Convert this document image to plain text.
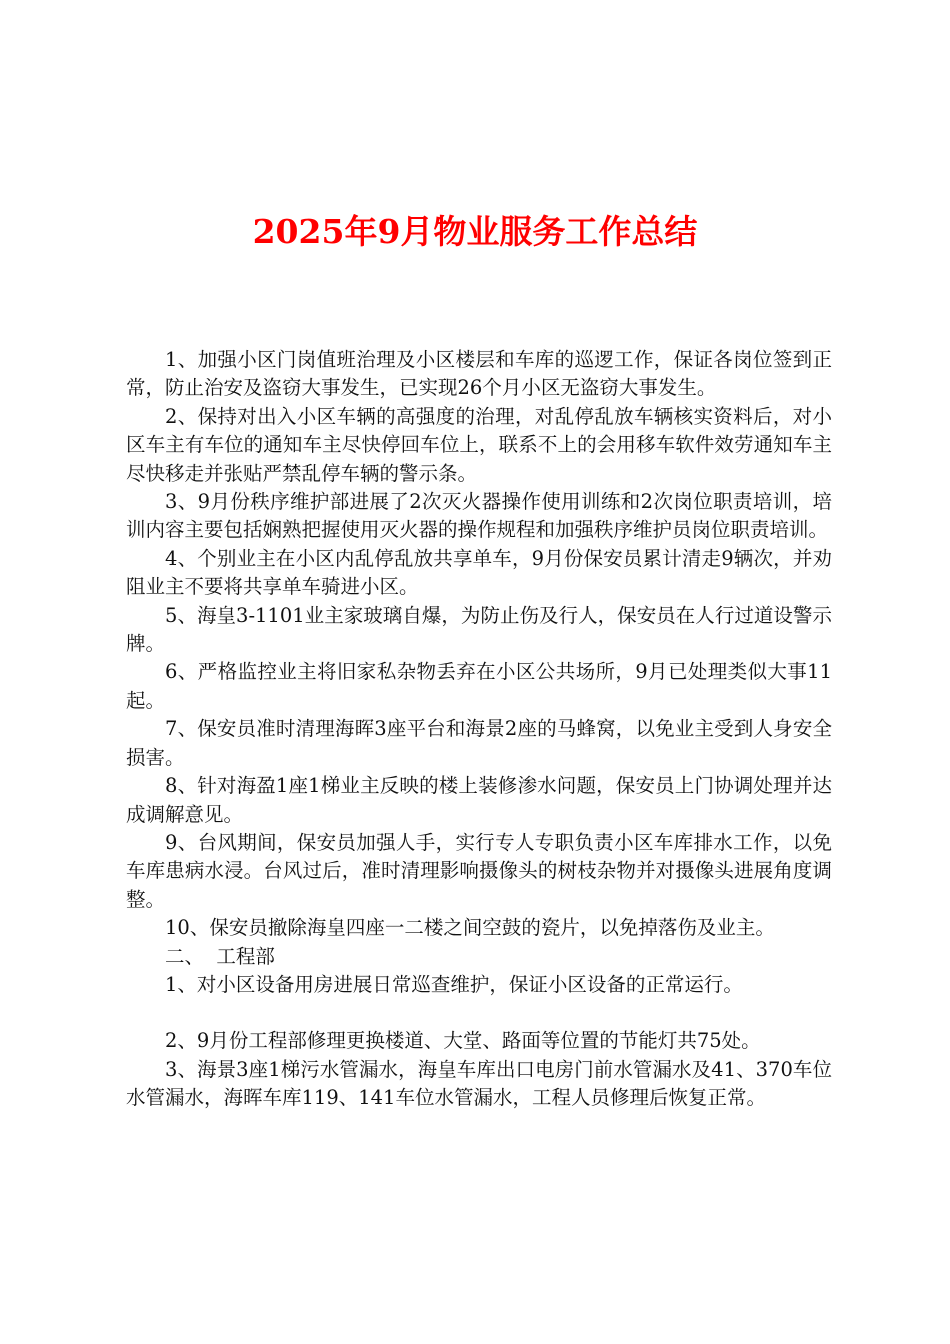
2025年9月物业服务工作总结

1、加强小区门岗值班治理及小区楼层和车库的巡逻工作，保证各岗位签到正常，防止治安及盗窃大事发生，已实现26个月小区无盗窃大事发生。

2、保持对出入小区车辆的高强度的治理，对乱停乱放车辆核实资料后，对小区车主有车位的通知车主尽快停回车位上，联系不上的会用移车软件效劳通知车主尽快移走并张贴严禁乱停车辆的警示条。

3、9月份秩序维护部进展了2次灭火器操作使用训练和2次岗位职责培训，培训内容主要包括娴熟把握使用灭火器的操作规程和加强秩序维护员岗位职责培训。

4、个别业主在小区内乱停乱放共享单车，9月份保安员累计清走9辆次，并劝阻业主不要将共享单车骑进小区。

5、海皇3-1101业主家玻璃自爆，为防止伤及行人，保安员在人行过道设警示牌。

6、严格监控业主将旧家私杂物丢弃在小区公共场所，9月已处理类似大事11起。

7、保安员准时清理海晖3座平台和海景2座的马蜂窝，以免业主受到人身安全损害。

8、针对海盈1座1梯业主反映的楼上装修渗水问题，保安员上门协调处理并达成调解意见。

9、台风期间，保安员加强人手，实行专人专职负责小区车库排水工作，以免车库患病水浸。台风过后，准时清理影响摄像头的树枝杂物并对摄像头进展角度调整。

10、保安员撤除海皇四座一二楼之间空鼓的瓷片，以免掉落伤及业主。

二、  工程部

1、对小区设备用房进展日常巡查维护，保证小区设备的正常运行。

2、9月份工程部修理更换楼道、大堂、路面等位置的节能灯共75处。

3、海景3座1梯污水管漏水，海皇车库出口电房门前水管漏水及41、370车位水管漏水，海晖车库119、141车位水管漏水，工程人员修理后恢复正常。
